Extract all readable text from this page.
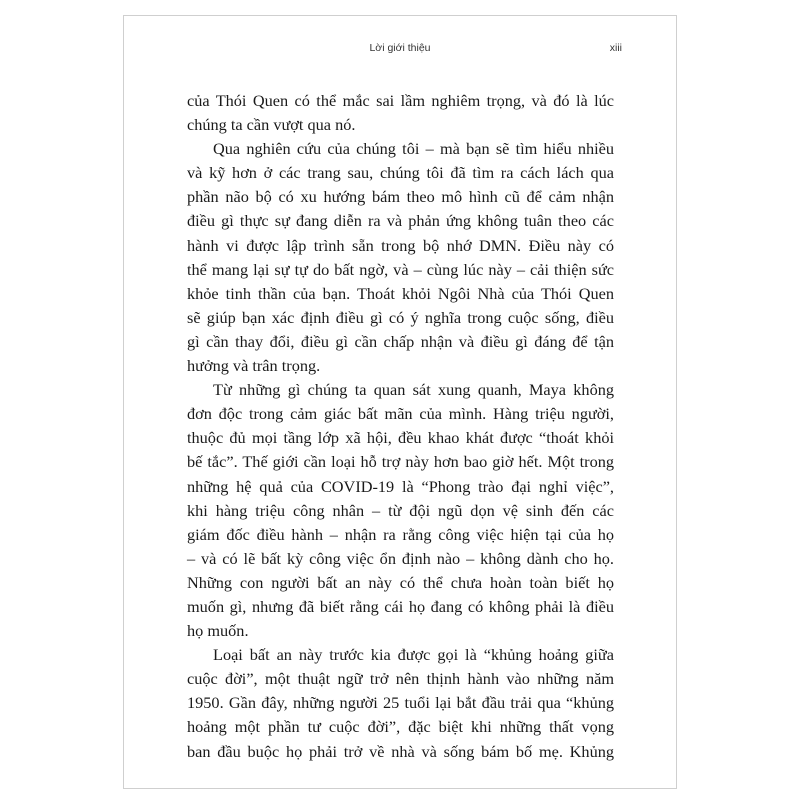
Lời giới thiệu	xiii
của Thói Quen có thể mắc sai lầm nghiêm trọng, và đó là lúc
chúng ta cần vượt qua nó.
Qua nghiên cứu của chúng tôi – mà bạn sẽ tìm hiểu nhiều
và kỹ hơn ở các trang sau, chúng tôi đã tìm ra cách lách qua
phần não bộ có xu hướng bám theo mô hình cũ để cảm nhận
điều gì thực sự đang diễn ra và phản ứng không tuân theo các
hành vi được lập trình sẵn trong bộ nhớ DMN. Điều này có
thể mang lại sự tự do bất ngờ, và – cùng lúc này – cải thiện sức
khỏe tinh thần của bạn. Thoát khỏi Ngôi Nhà của Thói Quen
sẽ giúp bạn xác định điều gì có ý nghĩa trong cuộc sống, điều
gì cần thay đổi, điều gì cần chấp nhận và điều gì đáng để tận
hưởng và trân trọng.
Từ những gì chúng ta quan sát xung quanh, Maya không
đơn độc trong cảm giác bất mãn của mình. Hàng triệu người,
thuộc đủ mọi tầng lớp xã hội, đều khao khát được “thoát khỏi
bế tắc”. Thế giới cần loại hỗ trợ này hơn bao giờ hết. Một trong
những hệ quả của COVID-19 là “Phong trào đại nghỉ việc”,
khi hàng triệu công nhân – từ đội ngũ dọn vệ sinh đến các
giám đốc điều hành – nhận ra rằng công việc hiện tại của họ
– và có lẽ bất kỳ công việc ổn định nào – không dành cho họ.
Những con người bất an này có thể chưa hoàn toàn biết họ
muốn gì, nhưng đã biết rằng cái họ đang có không phải là điều
họ muốn.
Loại bất an này trước kia được gọi là “khủng hoảng giữa
cuộc đời”, một thuật ngữ trở nên thịnh hành vào những năm
1950. Gần đây, những người 25 tuổi lại bắt đầu trải qua “khủng
hoảng một phần tư cuộc đời”, đặc biệt khi những thất vọng
ban đầu buộc họ phải trở về nhà và sống bám bố mẹ. Khủng
